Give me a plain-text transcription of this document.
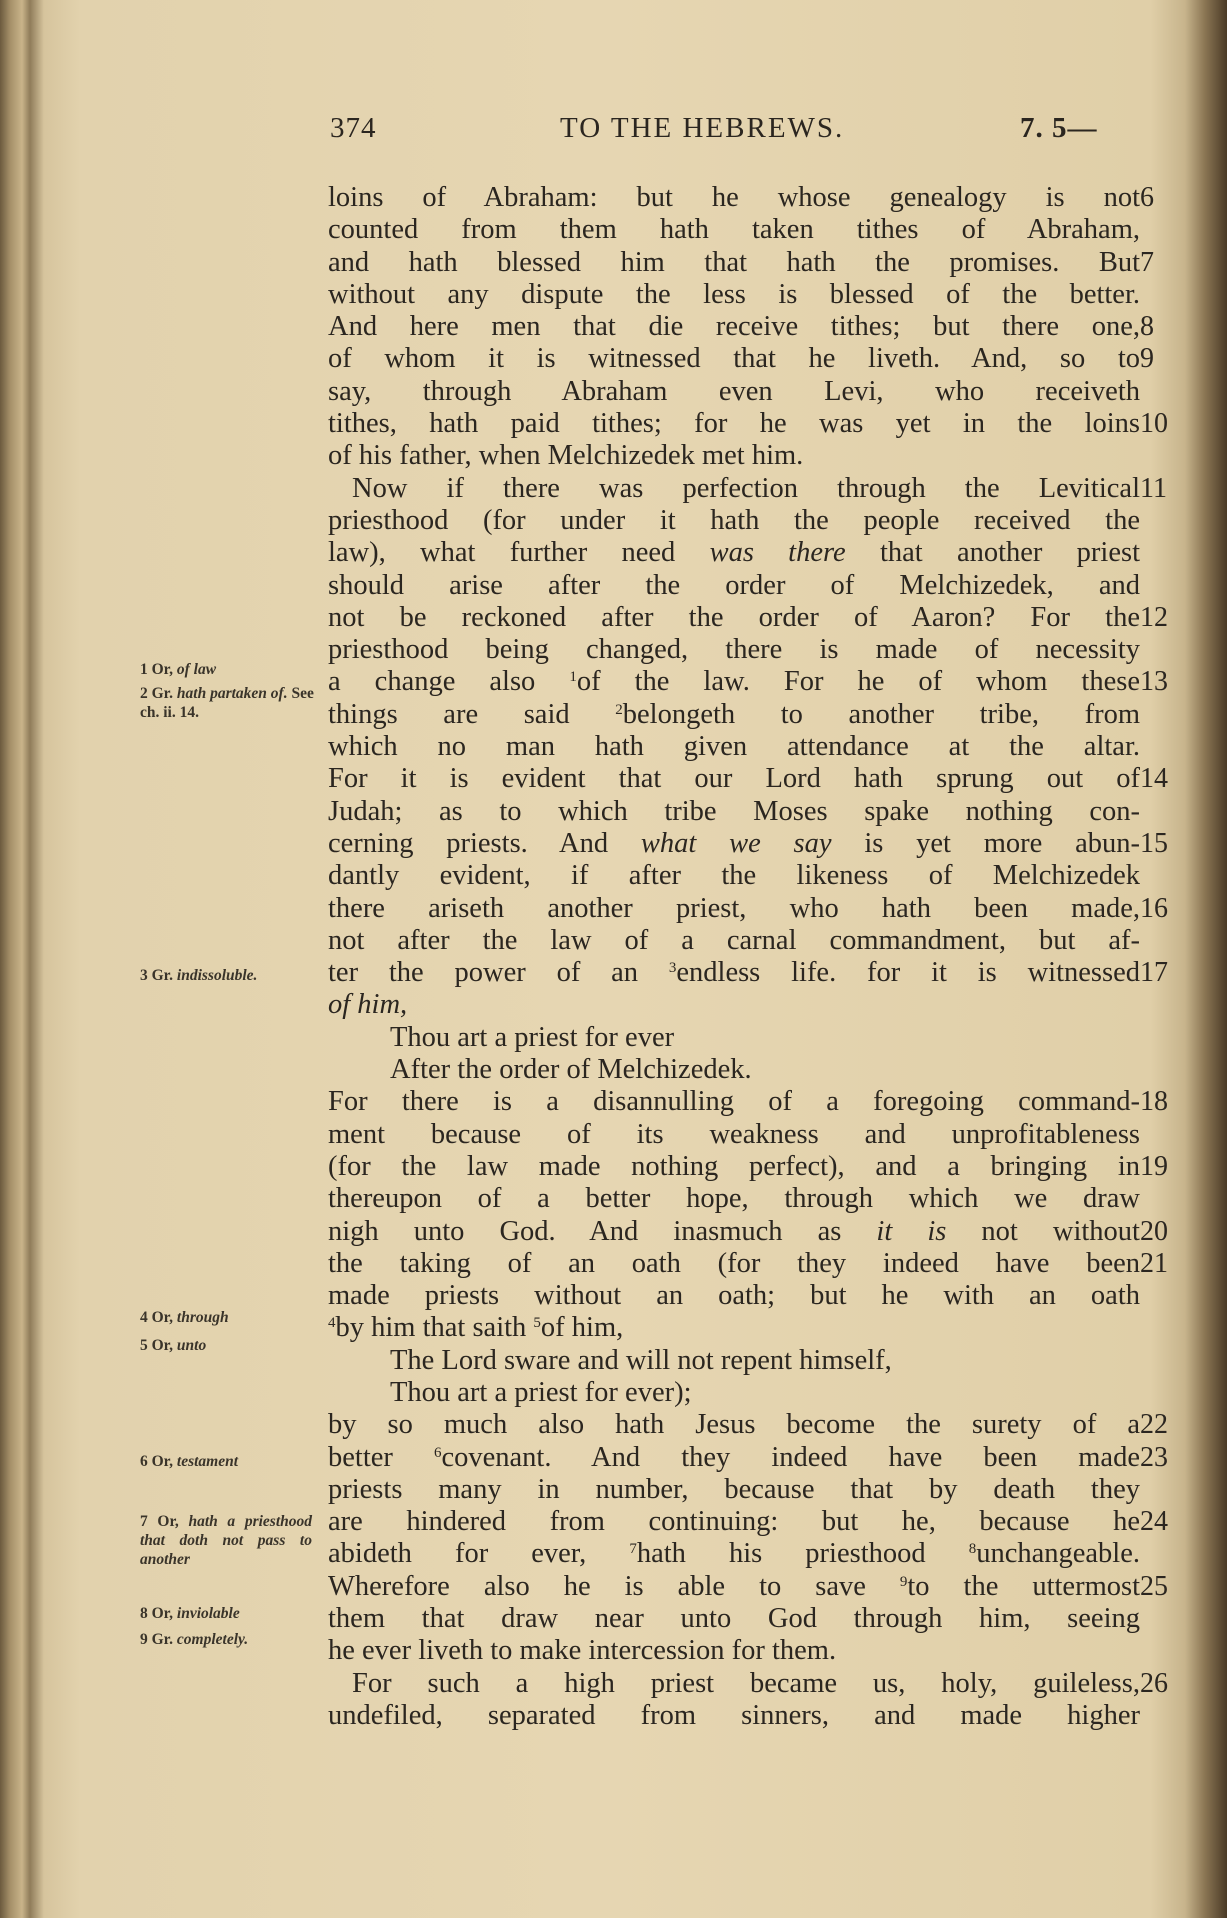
374	TO THE HEBREWS.	7. 5—
loins of Abraham: but he whose genealogy is not 6
counted from them hath taken tithes of Abraham,
and hath blessed him that hath the promises. But 7
without any dispute the less is blessed of the better.
And here men that die receive tithes; but there one, 8
of whom it is witnessed that he liveth. And, so to 9
say, through Abraham even Levi, who receiveth
tithes, hath paid tithes; for he was yet in the loins 10
of his father, when Melchizedek met him.
Now if there was perfection through the Levitical 11
priesthood (for under it hath the people received the
law), what further need was there that another priest
should arise after the order of Melchizedek, and
not be reckoned after the order of Aaron? For the 12
priesthood being changed, there is made of necessity
a change also $^1$of the law. For he of whom these 13
things are said $^2$belongeth to another tribe, from
which no man hath given attendance at the altar.
For it is evident that our Lord hath sprung out of 14
Judah; as to which tribe Moses spake nothing con-
cerning priests. And what we say is yet more abun- 15
dantly evident, if after the likeness of Melchizedek
there ariseth another priest, who hath been made, 16
not after the law of a carnal commandment, but af-
ter the power of an $^3$endless life. for it is witnessed 17
of him,
Thou art a priest for ever
After the order of Melchizedek.
For there is a disannulling of a foregoing command- 18
ment because of its weakness and unprofitableness
(for the law made nothing perfect), and a bringing in 19
thereupon of a better hope, through which we draw
nigh unto God. And inasmuch as it is not without 20
the taking of an oath (for they indeed have been 21
made priests without an oath; but he with an oath
$^4$by him that saith $^5$of him,
The Lord sware and will not repent himself,
Thou art a priest for ever);
by so much also hath Jesus become the surety of a 22
better $^6$covenant. And they indeed have been made 23
priests many in number, because that by death they
are hindered from continuing: but he, because he 24
abideth for ever, $^7$hath his priesthood $^8$unchangeable.
Wherefore also he is able to save $^9$to the uttermost 25
them that draw near unto God through him, seeing
he ever liveth to make intercession for them.
For such a high priest became us, holy, guileless, 26
undefiled, separated from sinners, and made higher
1 Or, of law
2 Gr. hath partaken of. See ch. ii. 14.
3 Gr. indissoluble.
4 Or, through
5 Or, unto
6 Or, testament
7 Or, hath a priesthood that doth not pass to another
8 Or, inviolable
9 Gr. completely.
